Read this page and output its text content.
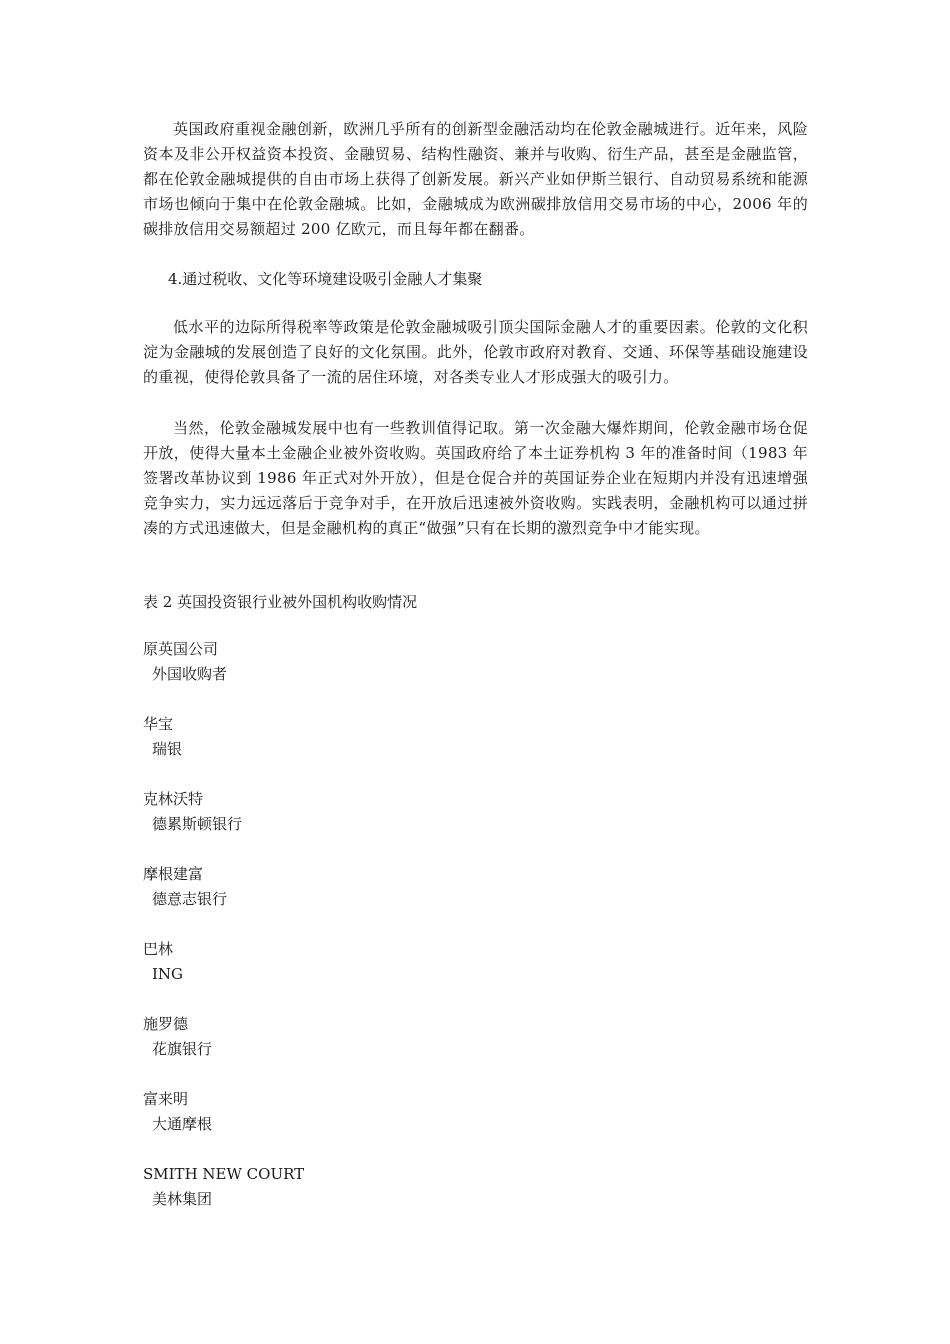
英国政府重视金融创新，欧洲几乎所有的创新型金融活动均在伦敦金融城进行。近年来，风险资本及非公开权益资本投资、金融贸易、结构性融资、兼并与收购、衍生产品，甚至是金融监管，都在伦敦金融城提供的自由市场上获得了创新发展。新兴产业如伊斯兰银行、自动贸易系统和能源市场也倾向于集中在伦敦金融城。比如，金融城成为欧洲碳排放信用交易市场的中心，2006 年的碳排放信用交易额超过 200 亿欧元，而且每年都在翻番。

4.通过税收、文化等环境建设吸引金融人才集聚

低水平的边际所得税率等政策是伦敦金融城吸引顶尖国际金融人才的重要因素。伦敦的文化积淀为金融城的发展创造了良好的文化氛围。此外，伦敦市政府对教育、交通、环保等基础设施建设的重视，使得伦敦具备了一流的居住环境，对各类专业人才形成强大的吸引力。

当然，伦敦金融城发展中也有一些教训值得记取。第一次金融大爆炸期间，伦敦金融市场仓促开放，使得大量本土金融企业被外资收购。英国政府给了本土证券机构 3 年的准备时间（1983 年签署改革协议到 1986 年正式对外开放），但是仓促合并的英国证券企业在短期内并没有迅速增强竞争实力，实力远远落后于竞争对手，在开放后迅速被外资收购。实践表明，金融机构可以通过拼凑的方式迅速做大，但是金融机构的真正“做强”只有在长期的激烈竞争中才能实现。

表 2 英国投资银行业被外国机构收购情况

原英国公司
外国收购者
华宝
瑞银
克林沃特
德累斯顿银行
摩根建富
德意志银行
巴林
ING
施罗德
花旗银行
富来明
大通摩根
SMITH NEW COURT
美林集团
